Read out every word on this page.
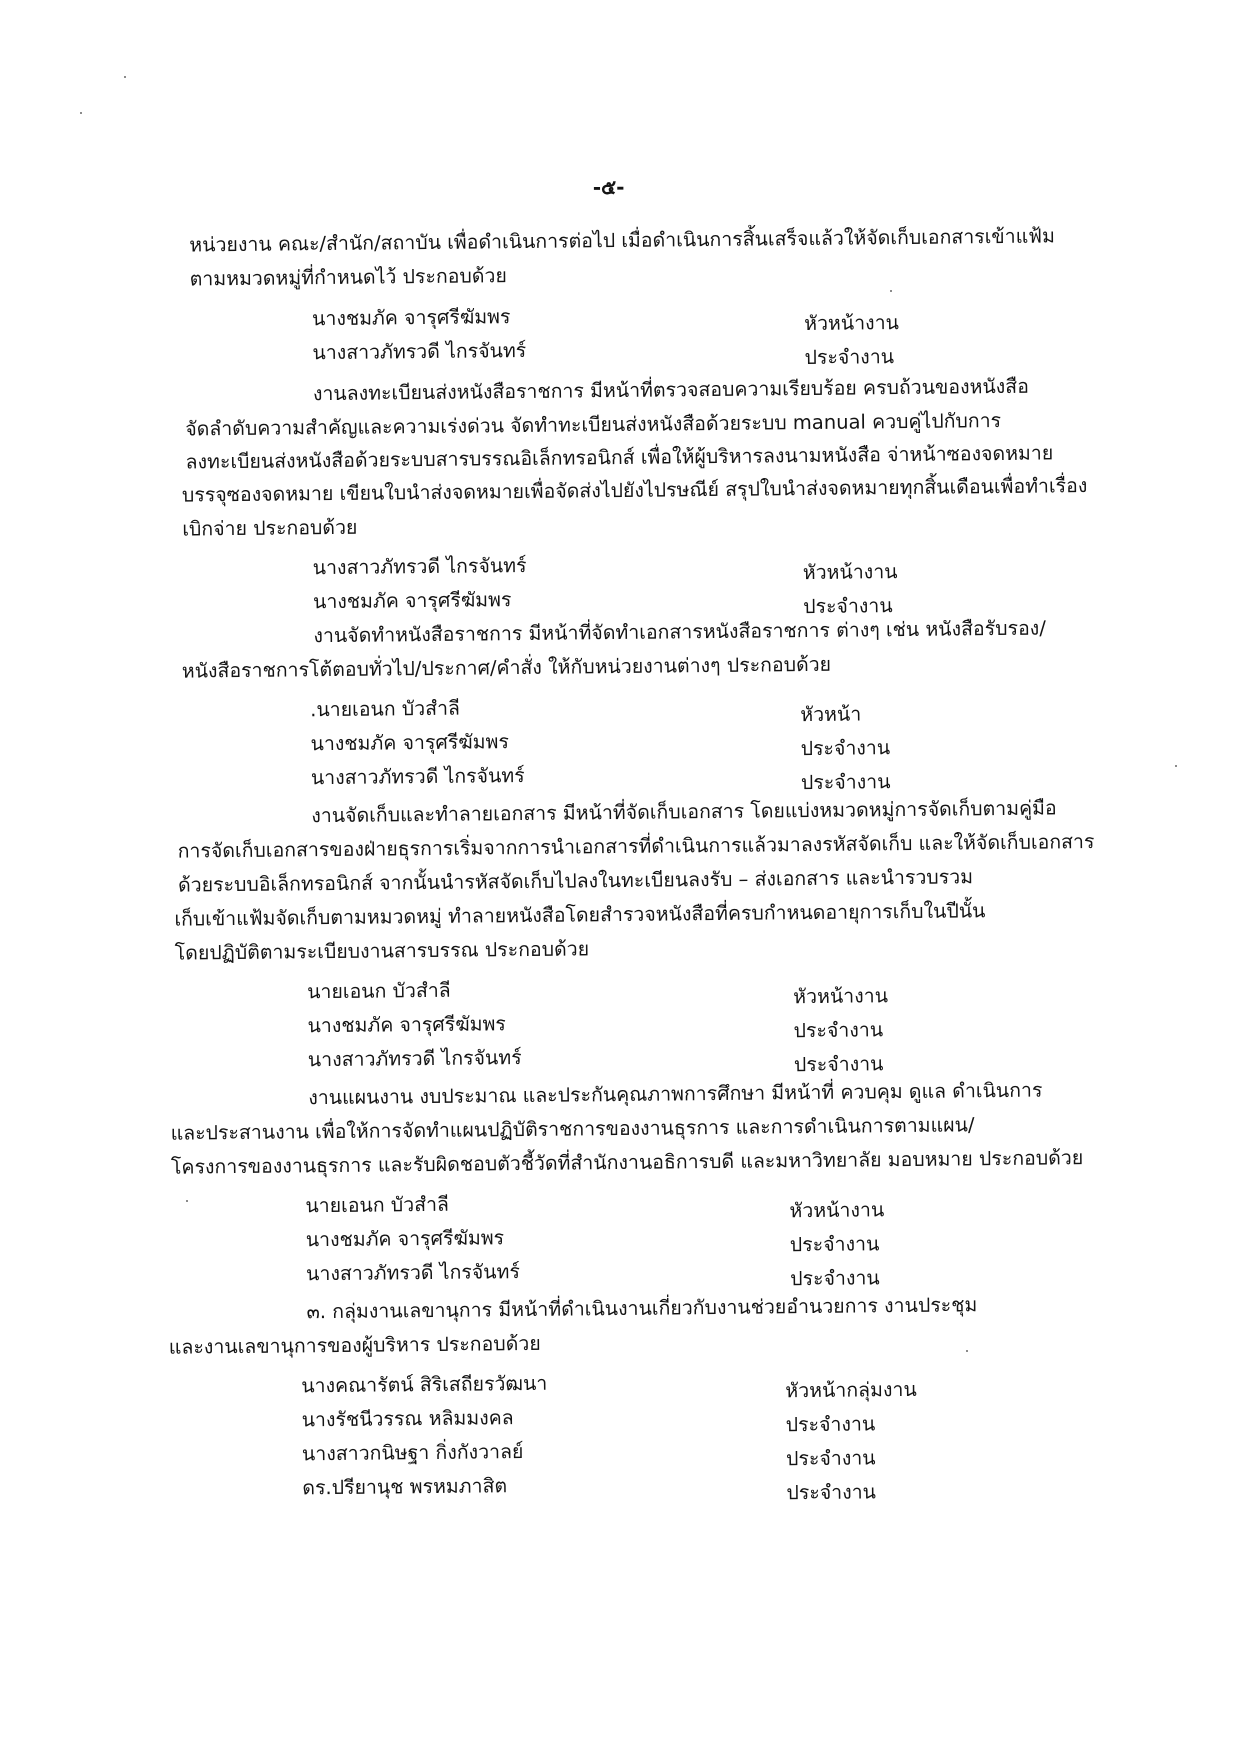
-๕-

หน่วยงาน คณะ/สำนัก/สถาบัน เพื่อดำเนินการต่อไป เมื่อดำเนินการสิ้นเสร็จแล้วให้จัดเก็บเอกสารเข้าแฟ้ม

ตามหมวดหมู่ที่กำหนดไว้ ประกอบด้วย

นางชมภัค จารุศรีฆัมพร	หัวหน้างาน

นางสาวภัทรวดี ไกรจันทร์	ประจำงาน

งานลงทะเบียนส่งหนังสือราชการ มีหน้าที่ตรวจสอบความเรียบร้อย ครบถ้วนของหนังสือ

จัดลำดับความสำคัญและความเร่งด่วน จัดทำทะเบียนส่งหนังสือด้วยระบบ manual ควบคู่ไปกับการ

ลงทะเบียนส่งหนังสือด้วยระบบสารบรรณอิเล็กทรอนิกส์ เพื่อให้ผู้บริหารลงนามหนังสือ จ่าหน้าซองจดหมาย

บรรจุซองจดหมาย เขียนใบนำส่งจดหมายเพื่อจัดส่งไปยังไปรษณีย์ สรุปใบนำส่งจดหมายทุกสิ้นเดือนเพื่อทำเรื่อง

เบิกจ่าย ประกอบด้วย

นางสาวภัทรวดี ไกรจันทร์	หัวหน้างาน

นางชมภัค จารุศรีฆัมพร	ประจำงาน

งานจัดทำหนังสือราชการ มีหน้าที่จัดทำเอกสารหนังสือราชการ ต่างๆ เช่น หนังสือรับรอง/

หนังสือราชการโต้ตอบทั่วไป/ประกาศ/คำสั่ง ให้กับหน่วยงานต่างๆ ประกอบด้วย

.นายเอนก บัวสำลี	หัวหน้า

นางชมภัค จารุศรีฆัมพร	ประจำงาน

นางสาวภัทรวดี ไกรจันทร์	ประจำงาน

งานจัดเก็บและทำลายเอกสาร มีหน้าที่จัดเก็บเอกสาร โดยแบ่งหมวดหมู่การจัดเก็บตามคู่มือ

การจัดเก็บเอกสารของฝ่ายธุรการเริ่มจากการนำเอกสารที่ดำเนินการแล้วมาลงรหัสจัดเก็บ และให้จัดเก็บเอกสาร

ด้วยระบบอิเล็กทรอนิกส์ จากนั้นนำรหัสจัดเก็บไปลงในทะเบียนลงรับ – ส่งเอกสาร และนำรวบรวม

เก็บเข้าแฟ้มจัดเก็บตามหมวดหมู่ ทำลายหนังสือโดยสำรวจหนังสือที่ครบกำหนดอายุการเก็บในปีนั้น

โดยปฏิบัติตามระเบียบงานสารบรรณ ประกอบด้วย

นายเอนก บัวสำลี	หัวหน้างาน

นางชมภัค จารุศรีฆัมพร	ประจำงาน

นางสาวภัทรวดี ไกรจันทร์	ประจำงาน

งานแผนงาน งบประมาณ และประกันคุณภาพการศึกษา มีหน้าที่ ควบคุม ดูแล ดำเนินการ

และประสานงาน เพื่อให้การจัดทำแผนปฏิบัติราชการของงานธุรการ และการดำเนินการตามแผน/

โครงการของงานธุรการ และรับผิดชอบตัวชี้วัดที่สำนักงานอธิการบดี และมหาวิทยาลัย มอบหมาย ประกอบด้วย

นายเอนก บัวสำลี	หัวหน้างาน

นางชมภัค จารุศรีฆัมพร	ประจำงาน

นางสาวภัทรวดี ไกรจันทร์	ประจำงาน

๓. กลุ่มงานเลขานุการ มีหน้าที่ดำเนินงานเกี่ยวกับงานช่วยอำนวยการ งานประชุม

และงานเลขานุการของผู้บริหาร ประกอบด้วย

นางคณารัตน์ สิริเสถียรวัฒนา	หัวหน้ากลุ่มงาน

นางรัชนีวรรณ หลิมมงคล	ประจำงาน

นางสาวกนิษฐา กิ่งกังวาลย์	ประจำงาน

ดร.ปรียานุช พรหมภาสิต	ประจำงาน
